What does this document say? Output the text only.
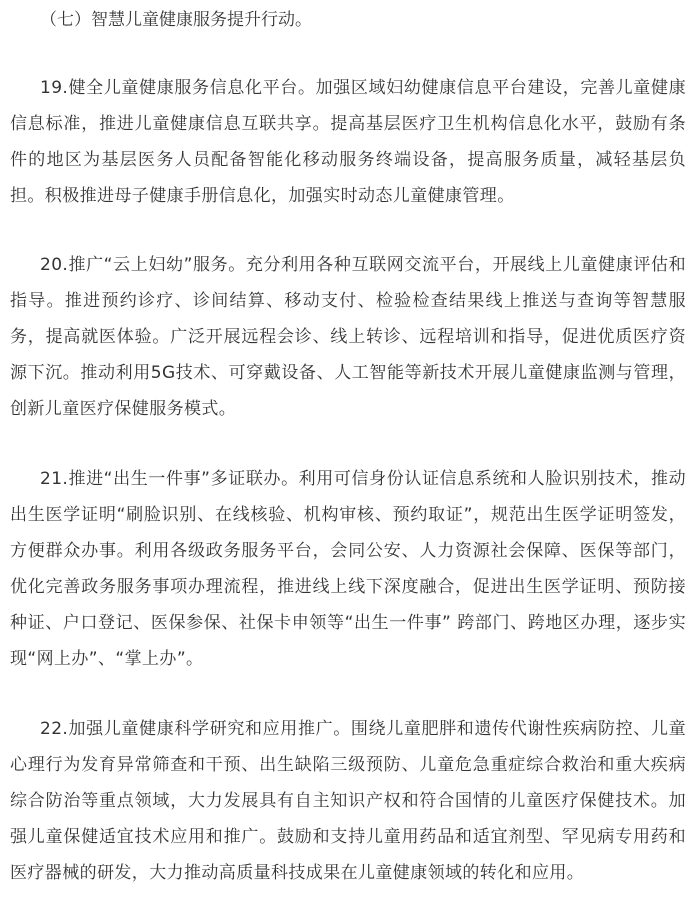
（七）智慧儿童健康服务提升行动。

19.健全儿童健康服务信息化平台。加强区域妇幼健康信息平台建设，完善儿童健康信息标准，推进儿童健康信息互联共享。提高基层医疗卫生机构信息化水平，鼓励有条件的地区为基层医务人员配备智能化移动服务终端设备，提高服务质量，减轻基层负担。积极推进母子健康手册信息化，加强实时动态儿童健康管理。

20.推广“云上妇幼”服务。充分利用各种互联网交流平台，开展线上儿童健康评估和指导。推进预约诊疗、诊间结算、移动支付、检验检查结果线上推送与查询等智慧服务，提高就医体验。广泛开展远程会诊、线上转诊、远程培训和指导，促进优质医疗资源下沉。推动利用5G技术、可穿戴设备、人工智能等新技术开展儿童健康监测与管理，创新儿童医疗保健服务模式。

21.推进“出生一件事”多证联办。利用可信身份认证信息系统和人脸识别技术，推动出生医学证明“刷脸识别、在线核验、机构审核、预约取证”，规范出生医学证明签发，方便群众办事。利用各级政务服务平台，会同公安、人力资源社会保障、医保等部门，优化完善政务服务事项办理流程，推进线上线下深度融合，促进出生医学证明、预防接种证、户口登记、医保参保、社保卡申领等“出生一件事” 跨部门、跨地区办理，逐步实现“网上办”、“掌上办”。

22.加强儿童健康科学研究和应用推广。围绕儿童肥胖和遗传代谢性疾病防控、儿童心理行为发育异常筛查和干预、出生缺陷三级预防、儿童危急重症综合救治和重大疾病综合防治等重点领域，大力发展具有自主知识产权和符合国情的儿童医疗保健技术。加强儿童保健适宜技术应用和推广。鼓励和支持儿童用药品和适宜剂型、罕见病专用药和医疗器械的研发，大力推动高质量科技成果在儿童健康领域的转化和应用。
